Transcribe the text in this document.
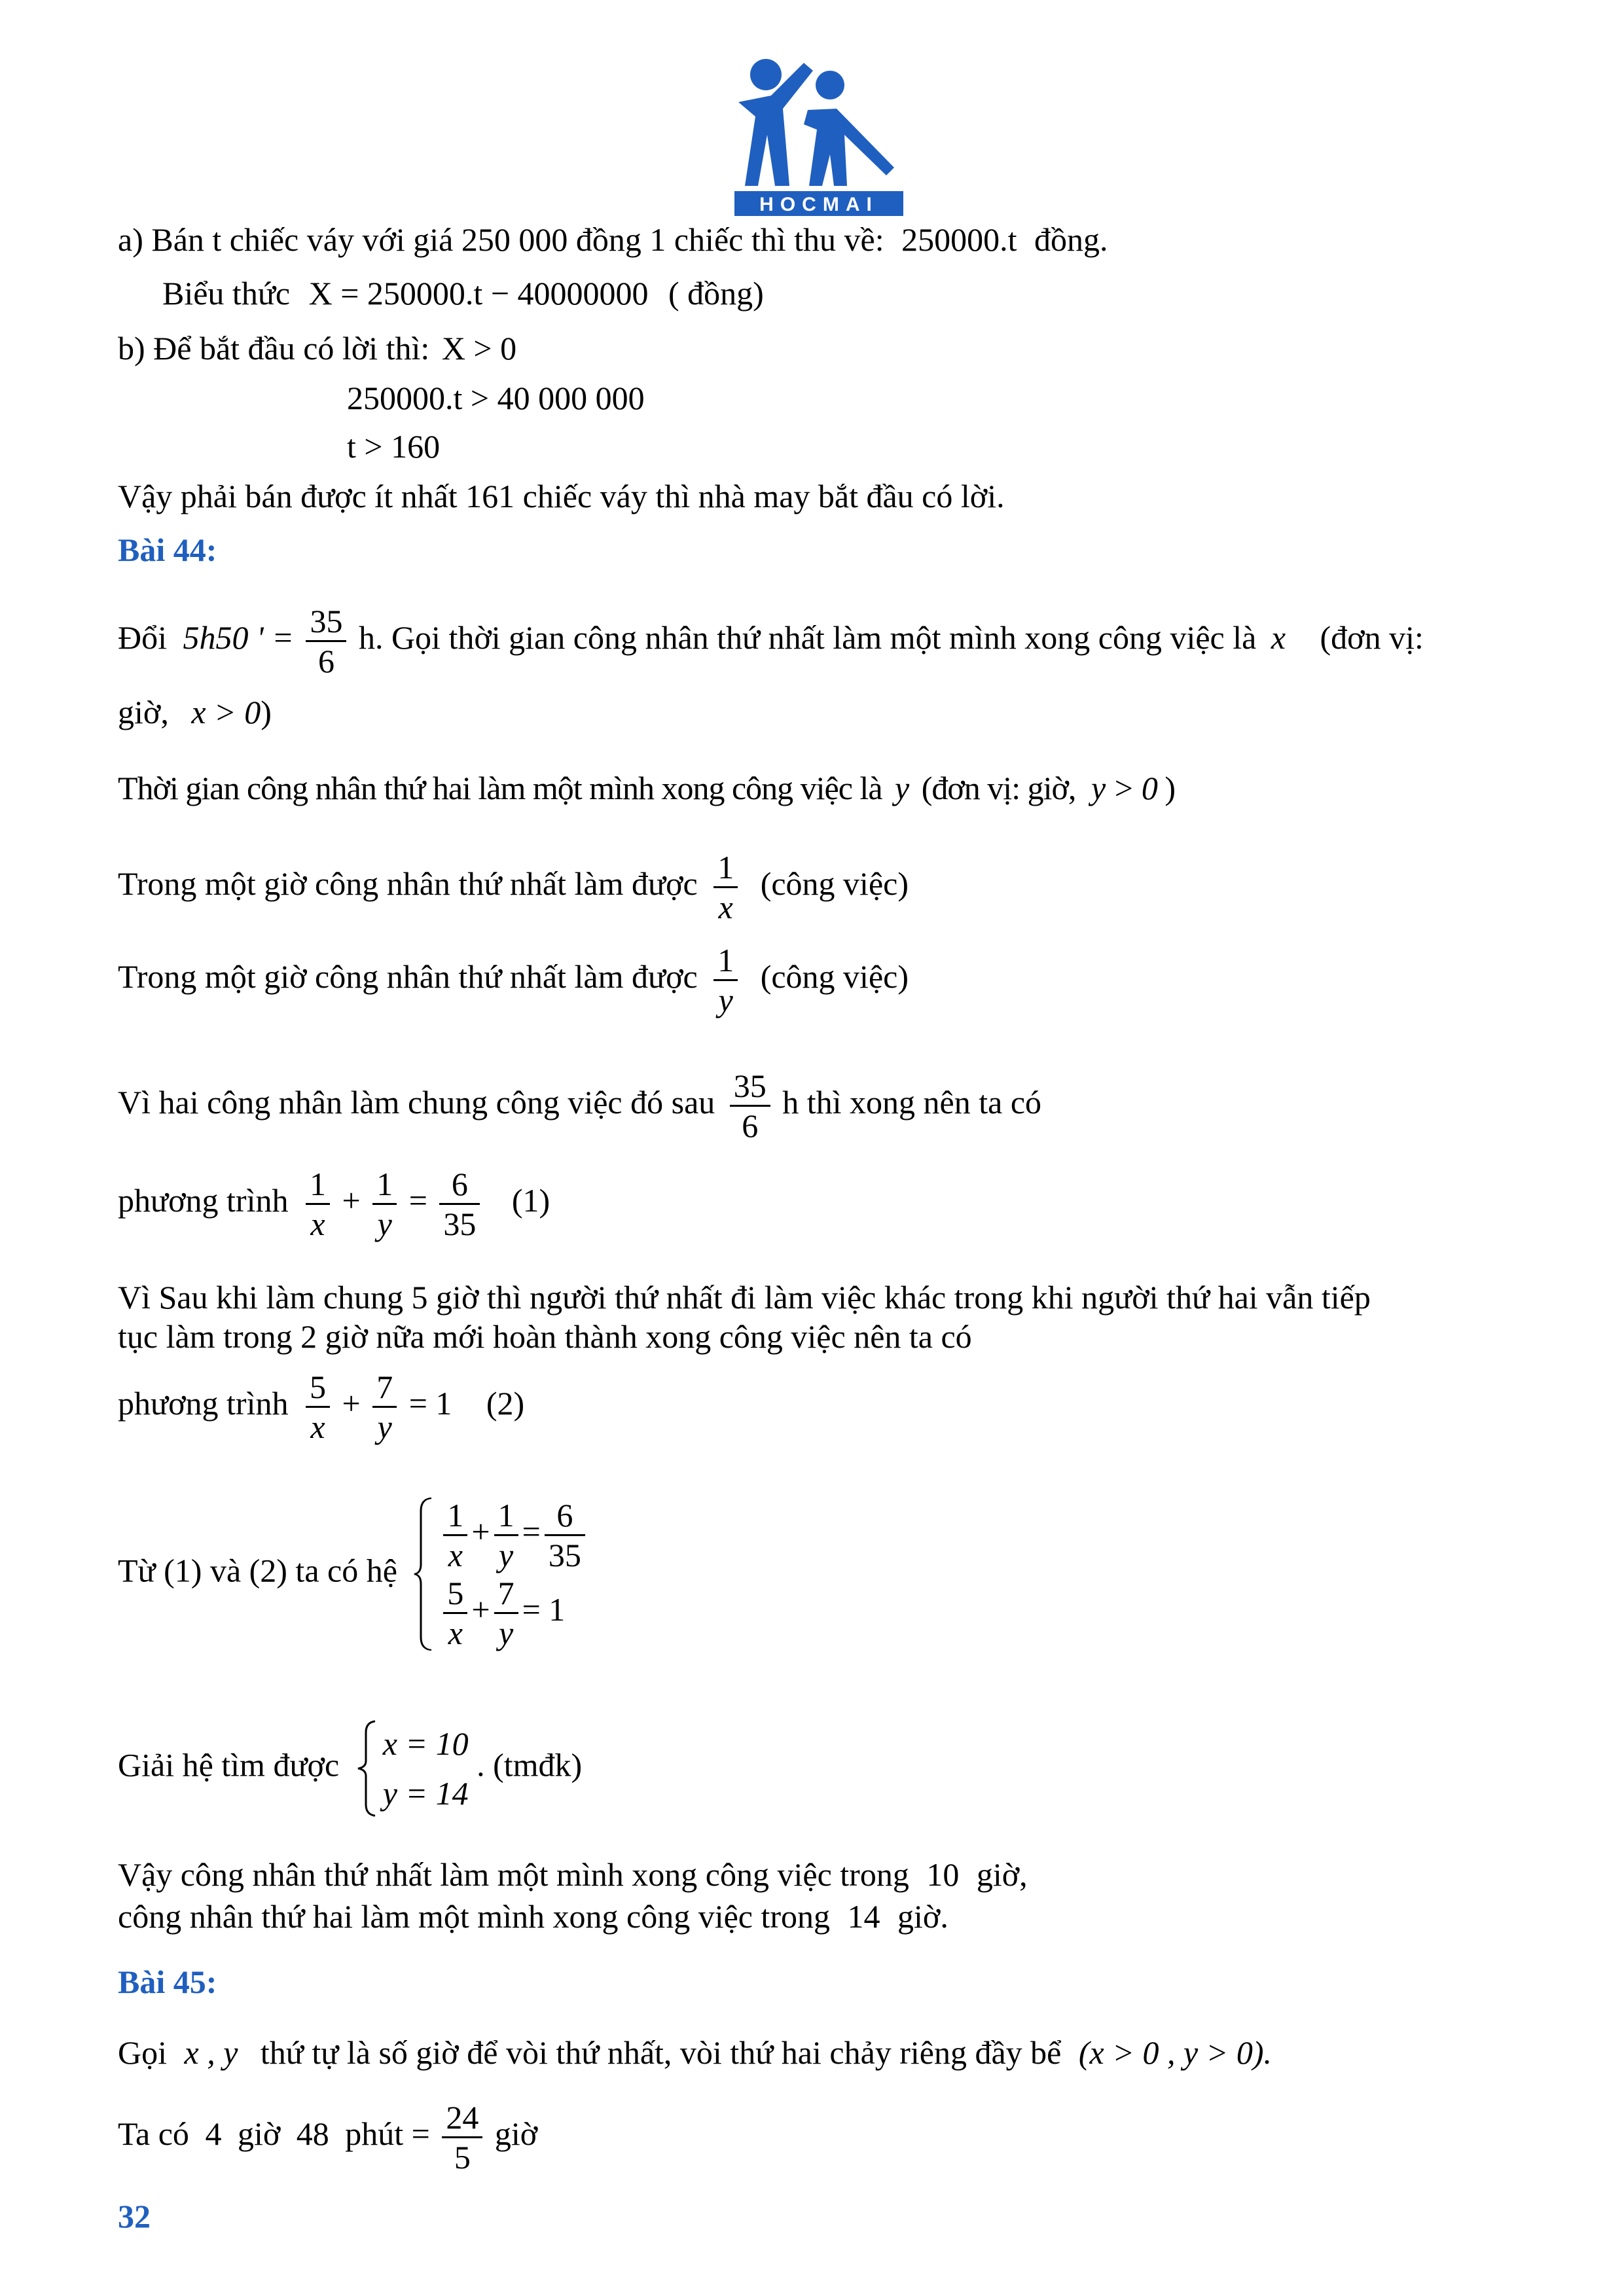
HOCMAI
a) Bán t chiếc váy với giá 250 000 đồng 1 chiếc thì thu về: 250000.t đồng.
Biểu thức X = 250000.t − 40000000 ( đồng)
b) Để bắt đầu có lời thì: X > 0
250000.t > 40 000 000
t > 160
Vậy phải bán được ít nhất 161 chiếc váy thì nhà may bắt đầu có lời.
Bài 44:
Đổi 5h50 ' = $\frac{35}{6} h$. Gọi thời gian công nhân thứ nhất làm một mình xong công việc là x (đơn vị:
giờ, x > 0)
Thời gian công nhân thứ hai làm một mình xong công việc là y (đơn vị: giờ, y > 0 )
Trong một giờ công nhân thứ nhất làm được $\frac{1}{x}$ (công việc)
Trong một giờ công nhân thứ nhất làm được $\frac{1}{y}$ (công việc)
Vì hai công nhân làm chung công việc đó sau $\frac{35}{6}$ h thì xong nên ta có
phương trình $\frac{1}{x} + \frac{1}{y} = \frac{6}{35} (1)$
Vì Sau khi làm chung 5 giờ thì người thứ nhất đi làm việc khác trong khi người thứ hai vẫn tiếp
tục làm trong 2 giờ nữa mới hoàn thành xong công việc nên ta có
phương trình $\frac{5}{x} + \frac{7}{y} = 1$ (2)
Từ (1) và (2) ta có hệ $\frac{1}{x} + \frac{1}{y} = \frac{6}{35}$
$\frac{5}{x} + \frac{7}{y} = 1$
Giải hệ tìm được
x = 10
y = 14
. (tmđk)
Vậy công nhân thứ nhất làm một mình xong công việc trong 10 giờ,
công nhân thứ hai làm một mình xong công việc trong 14 giờ.
Bài 45:
Gọi x , y thứ tự là số giờ để vòi thứ nhất, vòi thứ hai chảy riêng đầy bể (x > 0 , y > 0).
Ta có 4 giờ 48 phút = $\frac{24}{5}$ giờ
32
